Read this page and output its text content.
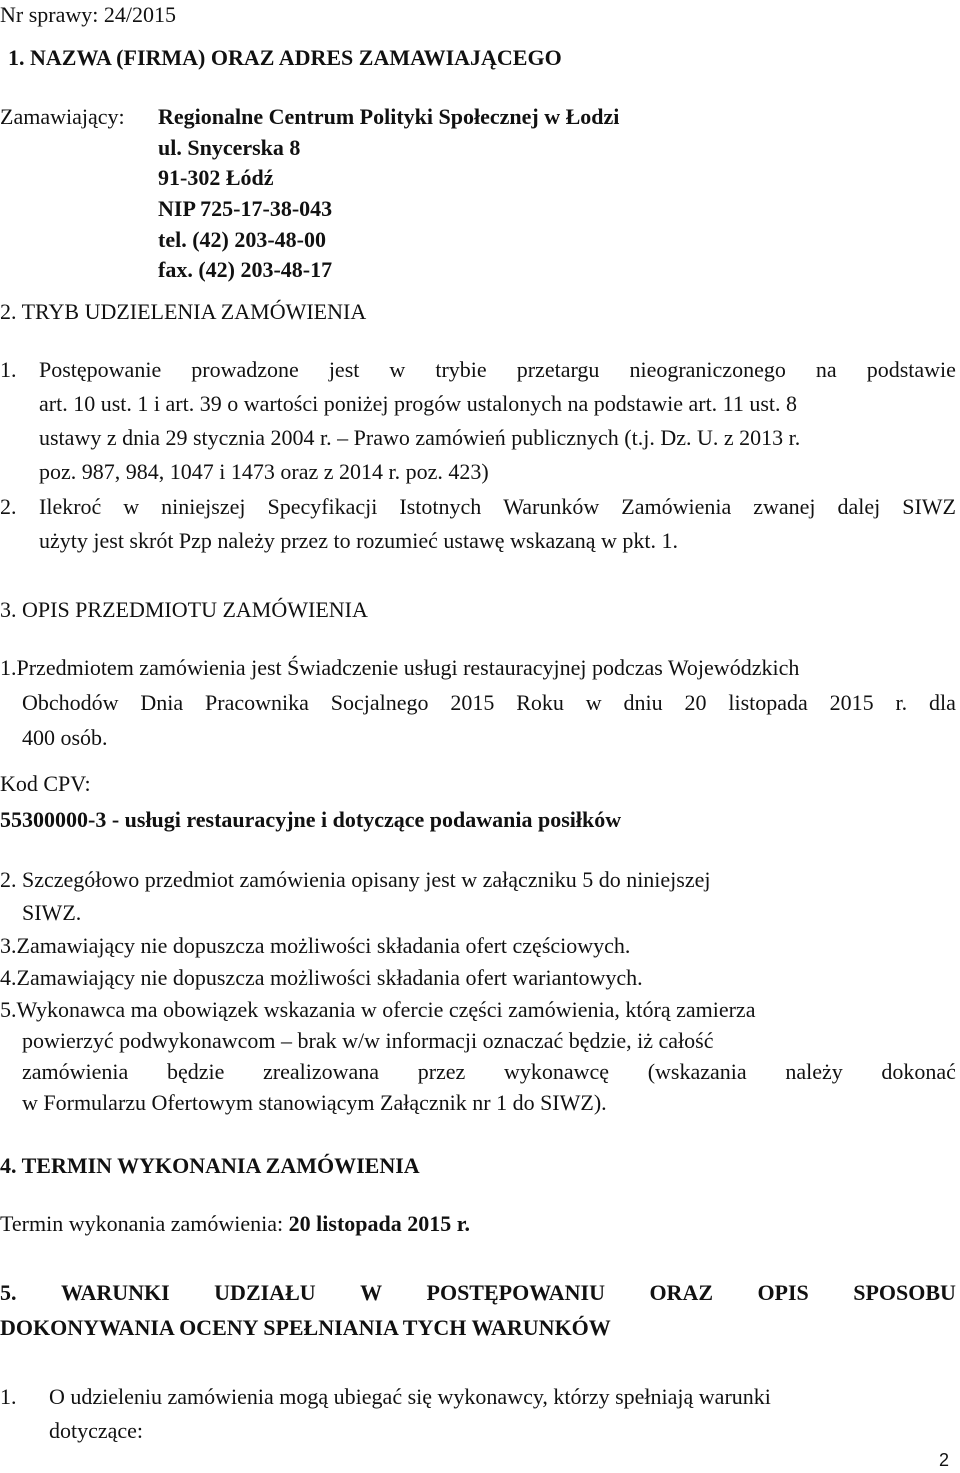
Nr sprawy: 24/2015
1. NAZWA (FIRMA) ORAZ ADRES ZAMAWIAJĄCEGO
Zamawiający: Regionalne Centrum Polityki Społecznej w Łodzi
ul. Snycerska 8
91-302 Łódź
NIP 725-17-38-043
tel. (42) 203-48-00
fax. (42) 203-48-17
2. TRYB UDZIELENIA ZAMÓWIENIA
1. Postępowanie prowadzone jest w trybie przetargu nieograniczonego na podstawie
art. 10 ust. 1 i art. 39 o wartości poniżej progów ustalonych na podstawie art. 11 ust. 8
ustawy z dnia 29 stycznia 2004 r. – Prawo zamówień publicznych (t.j. Dz. U. z 2013 r.
poz. 987, 984, 1047 i 1473 oraz z 2014 r. poz. 423)
2. Ilekroć w niniejszej Specyfikacji Istotnych Warunków Zamówienia zwanej dalej SIWZ
użyty jest skrót Pzp należy przez to rozumieć ustawę wskazaną w pkt. 1.
3. OPIS PRZEDMIOTU ZAMÓWIENIA
1.Przedmiotem zamówienia jest Świadczenie usługi restauracyjnej podczas Wojewódzkich
Obchodów Dnia Pracownika Socjalnego 2015 Roku w dniu 20 listopada 2015 r. dla
400 osób.
Kod CPV:
55300000-3 - usługi restauracyjne i dotyczące podawania posiłków
2. Szczegółowo przedmiot zamówienia opisany jest w załączniku 5 do niniejszej
SIWZ.
3.Zamawiający nie dopuszcza możliwości składania ofert częściowych.
4.Zamawiający nie dopuszcza możliwości składania ofert wariantowych.
5.Wykonawca ma obowiązek wskazania w ofercie części zamówienia, którą zamierza
powierzyć podwykonawcom – brak w/w informacji oznaczać będzie, iż całość
zamówienia będzie zrealizowana przez wykonawcę (wskazania należy dokonać
w Formularzu Ofertowym stanowiącym Załącznik nr 1 do SIWZ).
4. TERMIN WYKONANIA ZAMÓWIENIA
Termin wykonania zamówienia: 20 listopada 2015 r.
5. WARUNKI UDZIAŁU W POSTĘPOWANIU ORAZ OPIS SPOSOBU
DOKONYWANIA OCENY SPEŁNIANIA TYCH WARUNKÓW
1. O udzieleniu zamówienia mogą ubiegać się wykonawcy, którzy spełniają warunki
dotyczące:
2
